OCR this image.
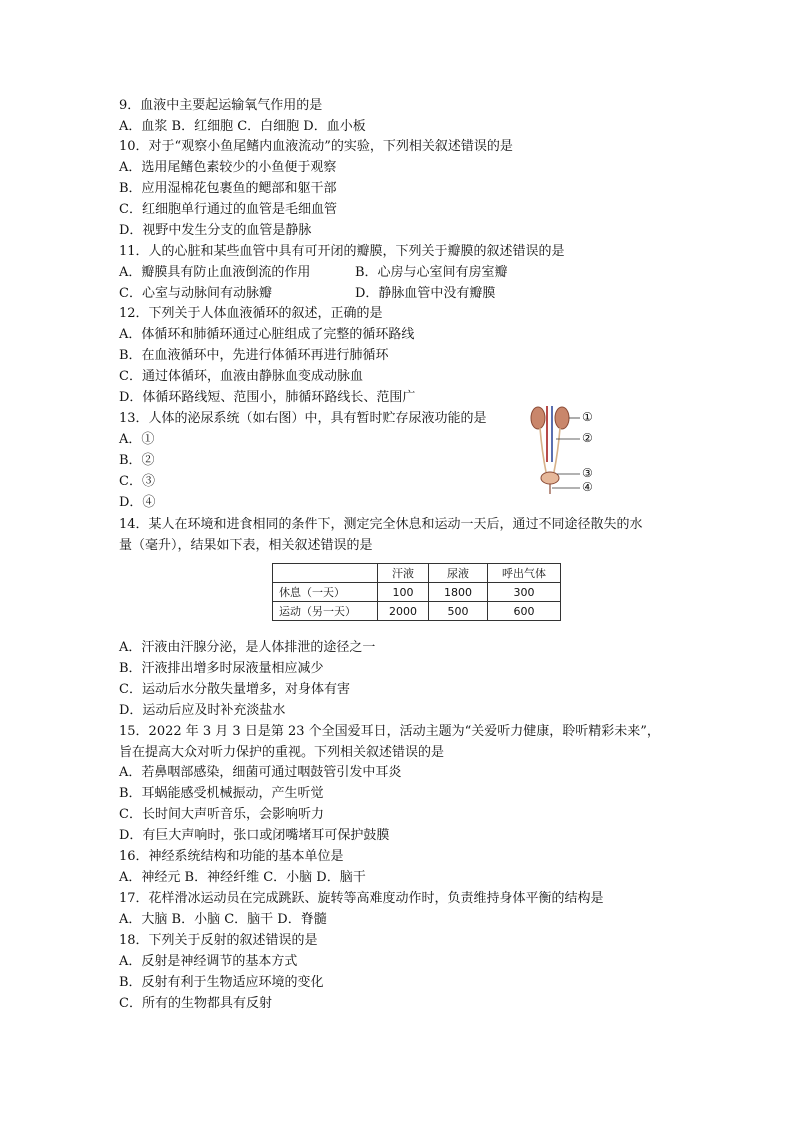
9．血液中主要起运输氧气作用的是
A．血浆 B．红细胞 C．白细胞 D．血小板
10．对于“观察小鱼尾鳍内血液流动”的实验，下列相关叙述错误的是
A．选用尾鳍色素较少的小鱼便于观察
B．应用湿棉花包裹鱼的鳃部和躯干部
C．红细胞单行通过的血管是毛细血管
D．视野中发生分支的血管是静脉
11．人的心脏和某些血管中具有可开闭的瓣膜，下列关于瓣膜的叙述错误的是
12．下列关于人体血液循环的叙述，正确的是
A．体循环和肺循环通过心脏组成了完整的循环路线
B．在血液循环中，先进行体循环再进行肺循环
C．通过体循环，血液由静脉血变成动脉血
D．体循环路线短、范围小，肺循环路线长、范围广
13．人体的泌尿系统（如右图）中，具有暂时贮存尿液功能的是
A．①
B．②
C．③
D．④
14．某人在环境和进食相同的条件下，测定完全休息和运动一天后，通过不同途径散失的水
量（毫升），结果如下表，相关叙述错误的是
A．汗液由汗腺分泌，是人体排泄的途径之一
B．汗液排出增多时尿液量相应减少
C．运动后水分散失量增多，对身体有害
D．运动后应及时补充淡盐水
15．2022 年 3 月 3 日是第 23 个全国爱耳日，活动主题为“关爱听力健康，聆听精彩未来”，
旨在提高大众对听力保护的重视。下列相关叙述错误的是
A．若鼻咽部感染，细菌可通过咽鼓管引发中耳炎
B．耳蜗能感受机械振动，产生听觉
C．长时间大声听音乐，会影响听力
D．有巨大声响时，张口或闭嘴堵耳可保护鼓膜
16．神经系统结构和功能的基本单位是
A．神经元 B．神经纤维 C．小脑 D．脑干
17．花样滑冰运动员在完成跳跃、旋转等高难度动作时，负责维持身体平衡的结构是
A．大脑 B．小脑 C．脑干 D．脊髓
18．下列关于反射的叙述错误的是
A．反射是神经调节的基本方式
B．反射有利于生物适应环境的变化
C．所有的生物都具有反射
A．瓣膜具有防止血液倒流的作用	B．心房与心室间有房室瓣
C．心室与动脉间有动脉瓣	D．静脉血管中没有瓣膜
①
②
③
④
	汗液	尿液	呼出气体
休息（一天）	100	1800	300
运动（另一天）	2000	500	600
